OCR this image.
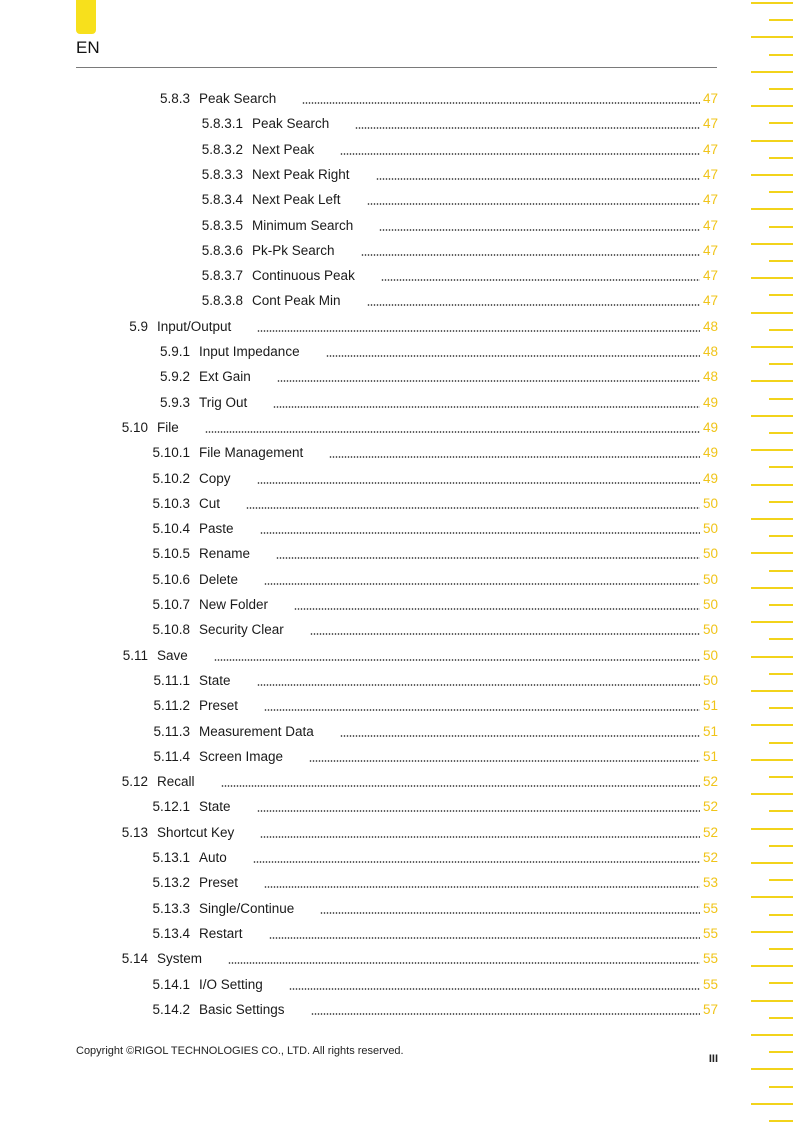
EN
5.8.3 Peak Search	47
5.8.3.1 Peak Search	47
5.8.3.2 Next Peak	47
5.8.3.3 Next Peak Right	47
5.8.3.4 Next Peak Left	47
5.8.3.5 Minimum Search	47
5.8.3.6 Pk-Pk Search	47
5.8.3.7 Continuous Peak	47
5.8.3.8 Cont Peak Min	47
5.9 Input/Output	48
5.9.1 Input Impedance	48
5.9.2 Ext Gain	48
5.9.3 Trig Out	49
5.10 File	49
5.10.1 File Management	49
5.10.2 Copy	49
5.10.3 Cut	50
5.10.4 Paste	50
5.10.5 Rename	50
5.10.6 Delete	50
5.10.7 New Folder	50
5.10.8 Security Clear	50
5.11 Save	50
5.11.1 State	50
5.11.2 Preset	51
5.11.3 Measurement Data	51
5.11.4 Screen Image	51
5.12 Recall	52
5.12.1 State	52
5.13 Shortcut Key	52
5.13.1 Auto	52
5.13.2 Preset	53
5.13.3 Single/Continue	55
5.13.4 Restart	55
5.14 System	55
5.14.1 I/O Setting	55
5.14.2 Basic Settings	57
Copyright ©RIGOL TECHNOLOGIES CO., LTD. All rights reserved.
III
